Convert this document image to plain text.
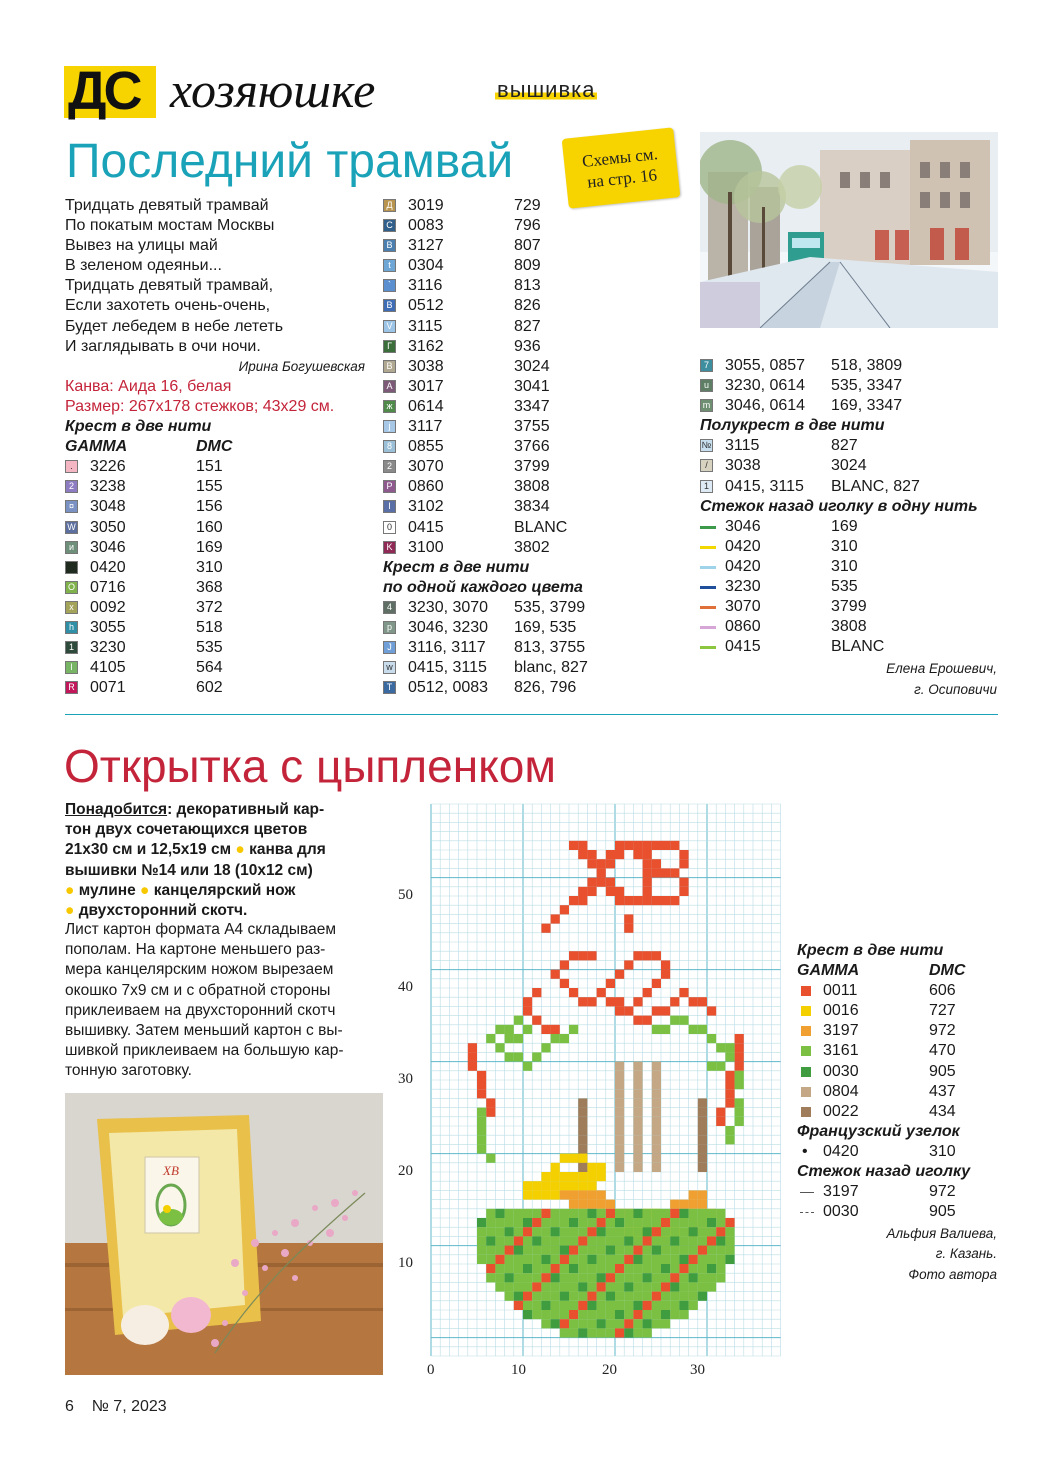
ДС хозяюшке	вышивка
Последний трамвай	Схемы см.
на стр. 16
Тридцать девятый трамвай
По покатым мостам Москвы
Вывез на улицы май
В зеленом одеяньи...
Тридцать девятый трамвай,
Если захотеть очень-очень,
Будет лебедем в небе лететь
И заглядывать в очи ночи.
Ирина Богушевская
Канва: Аида 16, белая
Размер: 267х178 стежков; 43х29 см.
Крест в две нити
GAMMA	DMC
.	3226	151
2 3238	155
¤ 3048	156
W 3050	160
и 3046	169
0420	310
O 0716	368
x 0092	372
h 3055	518
1 3230	535
l	4105	564
R 0071	602
Д 3019	729
C 0083	796
B 3127	807
t	0304	809
`	3116	813
B 0512	826
V 3115	827
Г 3162	936
В 3038	3024
A 3017	3041
ж 0614	3347
j	3117	3755
8 0855	3766
2 3070	3799
P 0860	3808
I	3102	3834
0 0415	BLANC
K 3100	3802
Крест в две нити
по одной каждого цвета
4 3230, 3070 535, 3799
p 3046, 3230 169, 535
J 3116, 3117 813, 3755
w 0415, 3115 blanc, 827
T 0512, 0083 826, 796
7 3055, 0857 518, 3809
u 3230, 0614 535, 3347
m 3046, 0614 169, 3347
Полукрест в две нити
№ 3115	827
/	3038	3024
1 0415, 3115 BLANC, 827
Стежок назад иголку в одну нить
3046	169
0420	310
0420	310
3230	535
3070	3799
0860	3808
0415	BLANC
Елена Ерошевич,
г. Осиповичи
Открытка с цыпленком
Понадобится: декоративный кар-
тон двух сочетающихся цветов
21х30 см и 12,5х19 см ● канва для
вышивки №14 или 18 (10х12 см)
● мулине ● канцелярский нож
● двухсторонний скотч.
Лист картон формата А4 складываем
пополам. На картоне меньшего раз-
мера канцелярским ножом вырезаем
окошко 7х9 см и с обратной стороны
приклеиваем на двухсторонний скотч
вышивку. Затем меньший картон с вы-
шивкой приклеиваем на большую кар-
тонную заготовку.
ХВ
50
40
30
20
10
0	10	20	30
Крест в две нити
GAMMA	DMC
0011	606
0016	727
3197	972
3161	470
0030	905
0804	437
0022	434
Французский узелок
• 0420	310
Стежок назад иголку
3197	972
0030	905
Альфия Валиева,
г. Казань.
Фото автора
6 № 7, 2023
